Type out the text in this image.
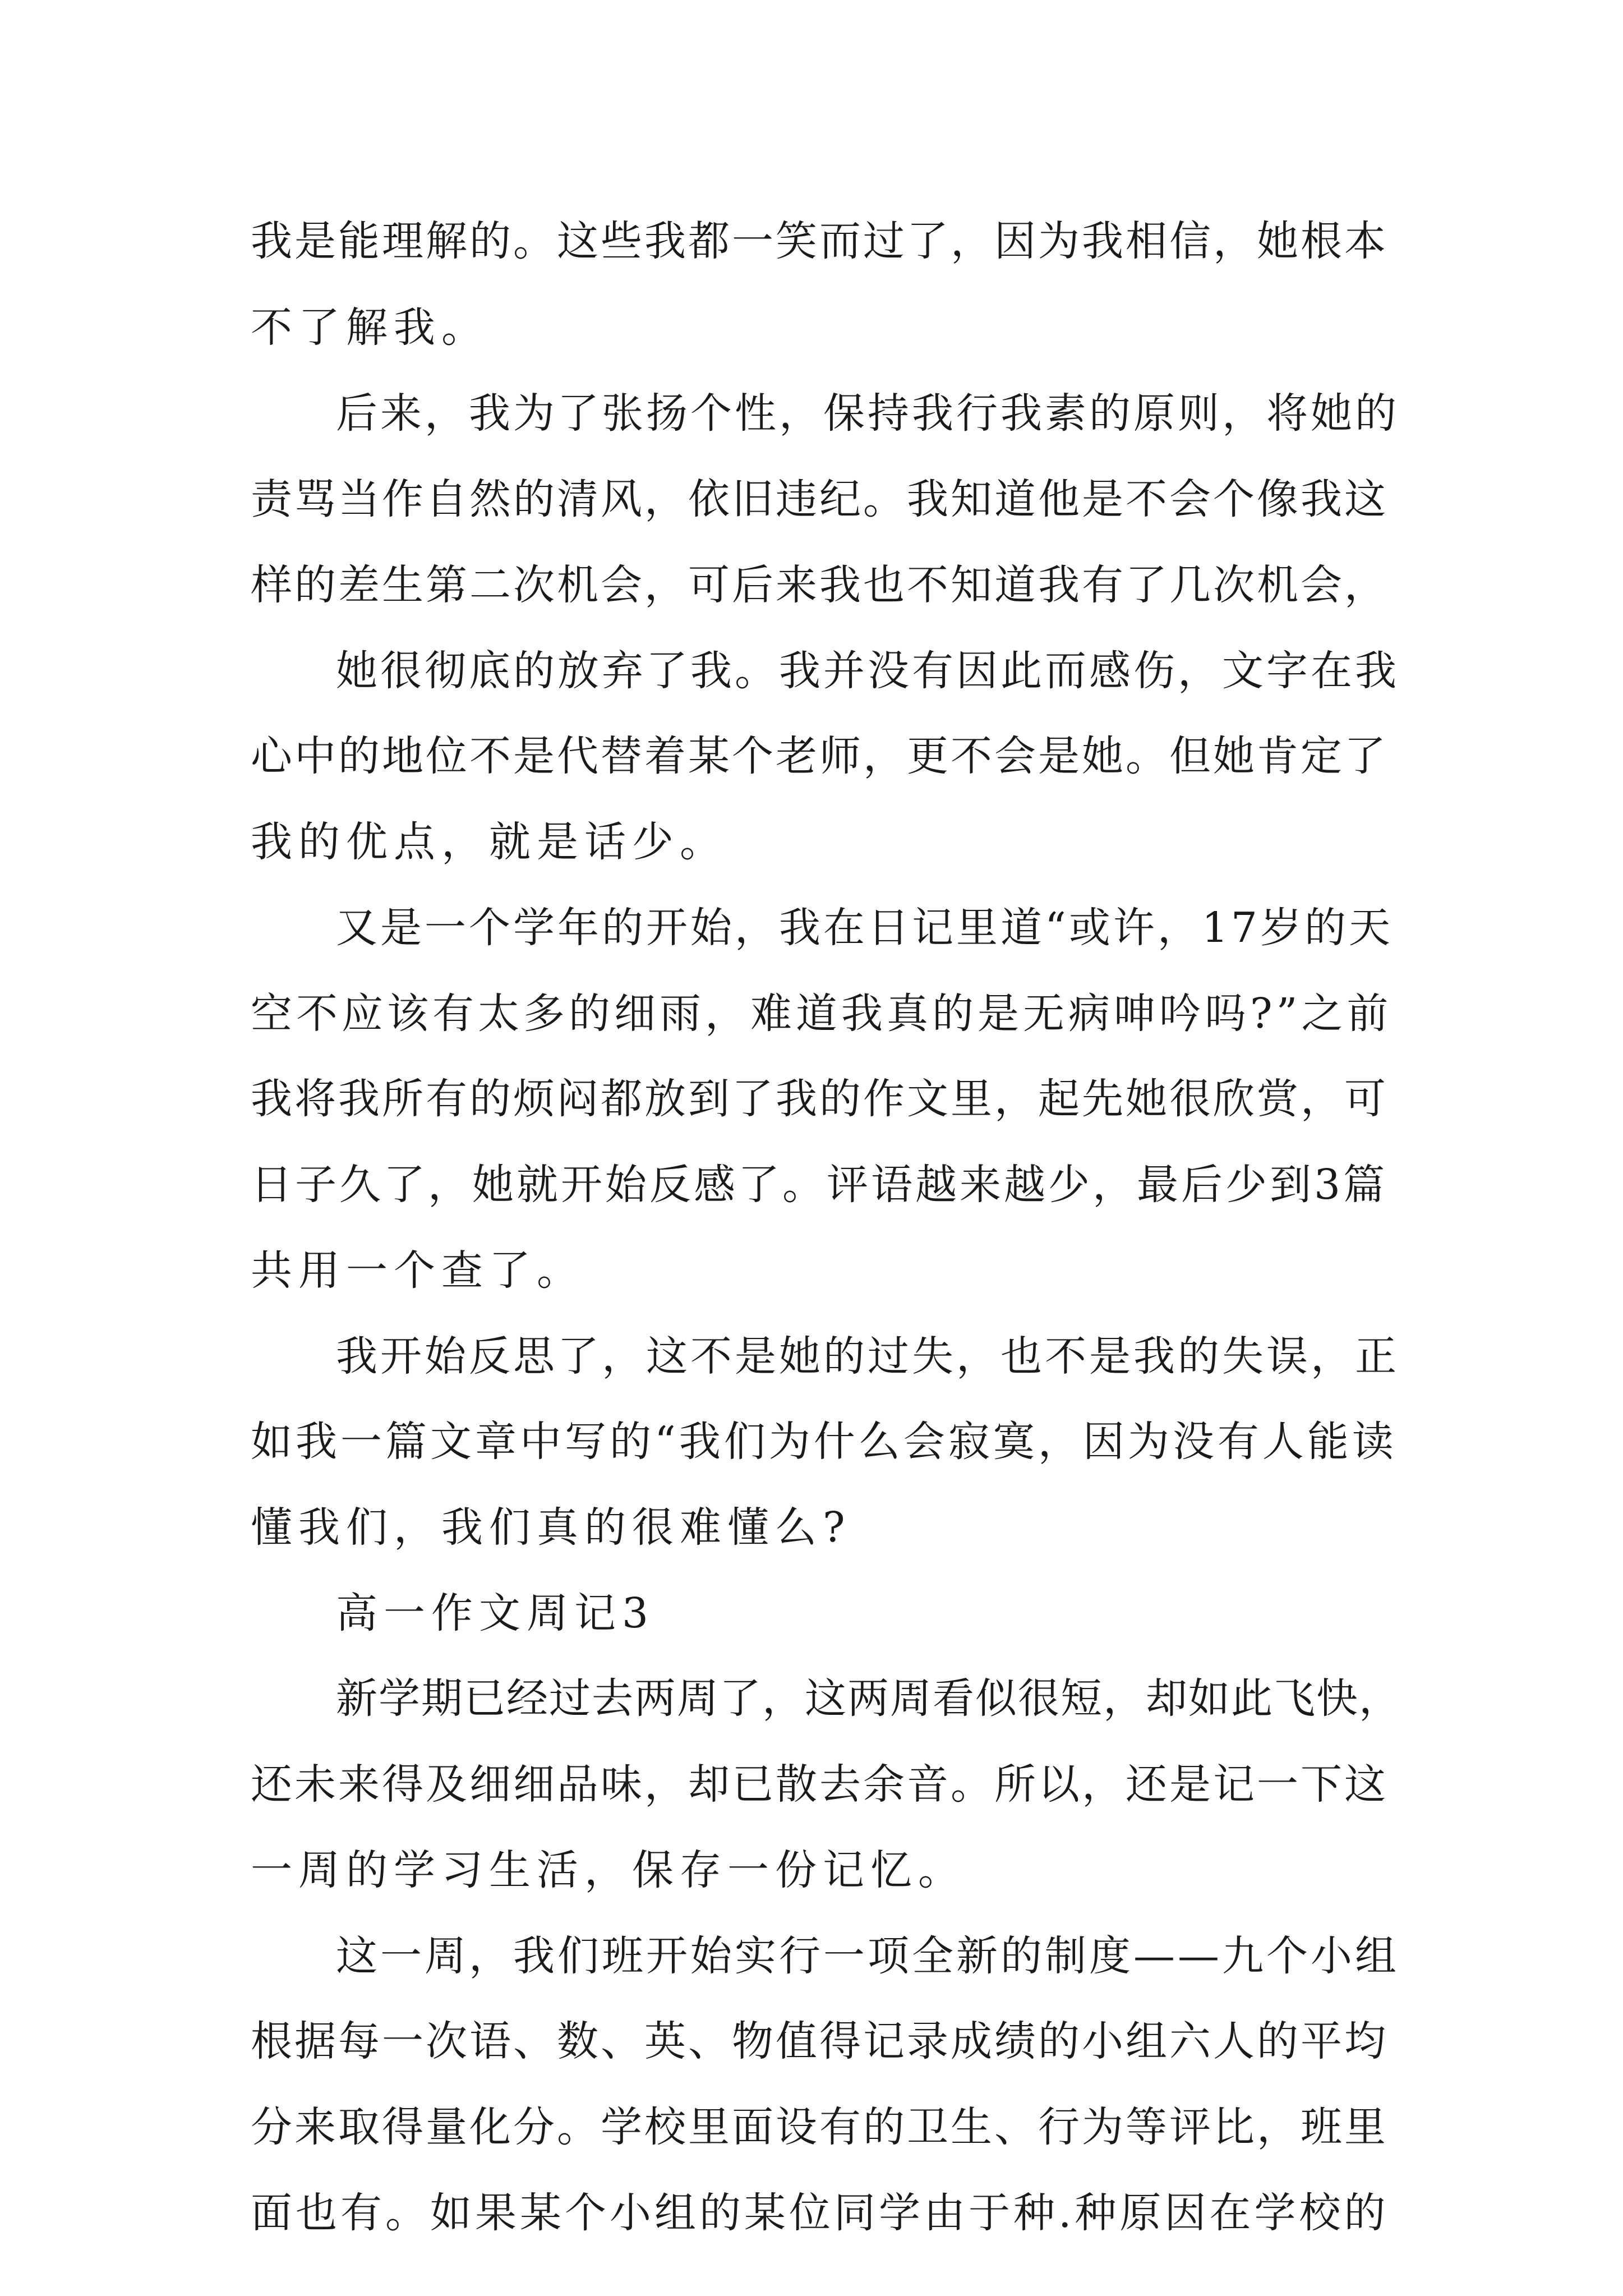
我是能理解的。这些我都一笑而过了，因为我相信，她根本

不了解我。

后来，我为了张扬个性，保持我行我素的原则，将她的

责骂当作自然的清风，依旧违纪。我知道他是不会个像我这

样的差生第二次机会，可后来我也不知道我有了几次机会，

她很彻底的放弃了我。我并没有因此而感伤，文字在我

心中的地位不是代替着某个老师，更不会是她。但她肯定了

我的优点，就是话少。

又是一个学年的开始，我在日记里道“或许，17岁的天

空不应该有太多的细雨，难道我真的是无病呻吟吗?”之前

我将我所有的烦闷都放到了我的作文里，起先她很欣赏，可

日子久了，她就开始反感了。评语越来越少，最后少到3篇

共用一个查了。

我开始反思了，这不是她的过失，也不是我的失误，正

如我一篇文章中写的“我们为什么会寂寞，因为没有人能读

懂我们，我们真的很难懂么?

高一作文周记3

新学期已经过去两周了，这两周看似很短，却如此飞快，

还未来得及细细品味，却已散去余音。所以，还是记一下这

一周的学习生活，保存一份记忆。

这一周，我们班开始实行一项全新的制度——九个小组

根据每一次语、数、英、物值得记录成绩的小组六人的平均

分来取得量化分。学校里面设有的卫生、行为等评比，班里

面也有。如果某个小组的某位同学由于种.种原因在学校的
